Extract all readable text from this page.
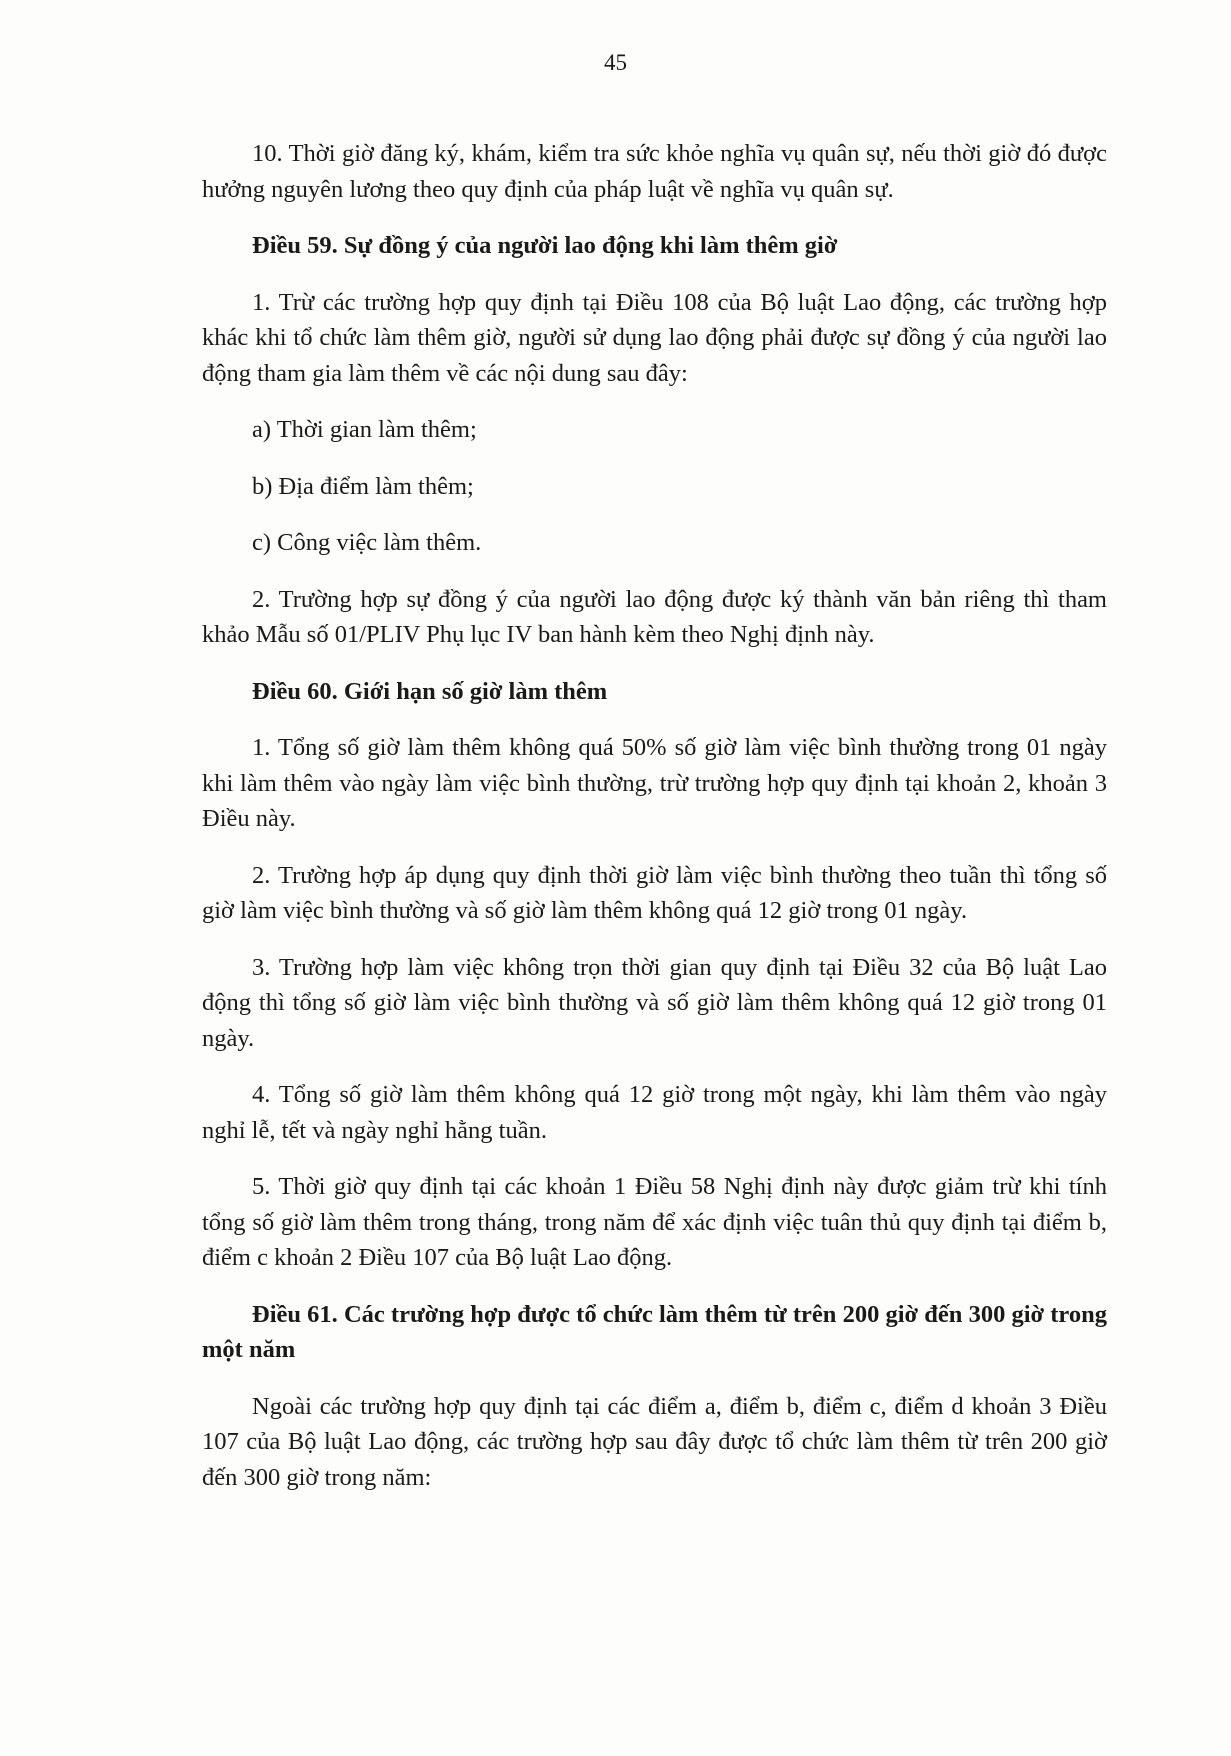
45

10. Thời giờ đăng ký, khám, kiểm tra sức khỏe nghĩa vụ quân sự, nếu thời giờ đó được hưởng nguyên lương theo quy định của pháp luật về nghĩa vụ quân sự.

Điều 59. Sự đồng ý của người lao động khi làm thêm giờ

1. Trừ các trường hợp quy định tại Điều 108 của Bộ luật Lao động, các trường hợp khác khi tổ chức làm thêm giờ, người sử dụng lao động phải được sự đồng ý của người lao động tham gia làm thêm về các nội dung sau đây:

a) Thời gian làm thêm;

b) Địa điểm làm thêm;

c) Công việc làm thêm.

2. Trường hợp sự đồng ý của người lao động được ký thành văn bản riêng thì tham khảo Mẫu số 01/PLIV Phụ lục IV ban hành kèm theo Nghị định này.

Điều 60. Giới hạn số giờ làm thêm

1. Tổng số giờ làm thêm không quá 50% số giờ làm việc bình thường trong 01 ngày khi làm thêm vào ngày làm việc bình thường, trừ trường hợp quy định tại khoản 2, khoản 3 Điều này.

2. Trường hợp áp dụng quy định thời giờ làm việc bình thường theo tuần thì tổng số giờ làm việc bình thường và số giờ làm thêm không quá 12 giờ trong 01 ngày.

3. Trường hợp làm việc không trọn thời gian quy định tại Điều 32 của Bộ luật Lao động thì tổng số giờ làm việc bình thường và số giờ làm thêm không quá 12 giờ trong 01 ngày.

4. Tổng số giờ làm thêm không quá 12 giờ trong một ngày, khi làm thêm vào ngày nghỉ lễ, tết và ngày nghỉ hằng tuần.

5. Thời giờ quy định tại các khoản 1 Điều 58 Nghị định này được giảm trừ khi tính tổng số giờ làm thêm trong tháng, trong năm để xác định việc tuân thủ quy định tại điểm b, điểm c khoản 2 Điều 107 của Bộ luật Lao động.

Điều 61. Các trường hợp được tổ chức làm thêm từ trên 200 giờ đến 300 giờ trong một năm

Ngoài các trường hợp quy định tại các điểm a, điểm b, điểm c, điểm d khoản 3 Điều 107 của Bộ luật Lao động, các trường hợp sau đây được tổ chức làm thêm từ trên 200 giờ đến 300 giờ trong năm:
